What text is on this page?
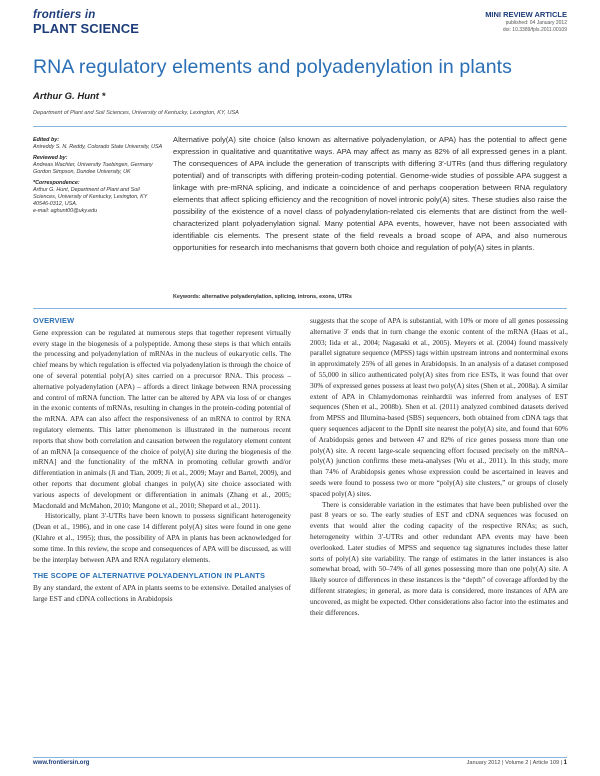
frontiers in
PLANT SCIENCE
MINI REVIEW ARTICLE
published: 04 January 2012
doi: 10.3389/fpls.2011.00109
RNA regulatory elements and polyadenylation in plants
Arthur G. Hunt *
Department of Plant and Soil Sciences, University of Kentucky, Lexington, KY, USA
Edited by:
Anireddy S. N. Reddy, Colorado State University, USA
Reviewed by:
Andreas Wachter, University Tuebingen, Germany
Gordon Simpson, Dundee University, UK
*Correspondence:
Arthur G. Hunt, Department of Plant and Soil Sciences, University of Kentucky, Lexington, KY 40546-0312, USA.
e-mail: aghunt00@uky.edu
Alternative poly(A) site choice (also known as alternative polyadenylation, or APA) has the potential to affect gene expression in qualitative and quantitative ways. APA may affect as many as 82% of all expressed genes in a plant. The consequences of APA include the generation of transcripts with differing 3′-UTRs (and thus differing regulatory potential) and of transcripts with differing protein-coding potential. Genome-wide studies of possible APA suggest a linkage with pre-mRNA splicing, and indicate a coincidence of and perhaps cooperation between RNA regulatory elements that affect splicing efficiency and the recognition of novel intronic poly(A) sites. These studies also raise the possibility of the existence of a novel class of polyadenylation-related cis elements that are distinct from the well-characterized plant polyadenylation signal. Many potential APA events, however, have not been associated with identifiable cis elements. The present state of the field reveals a broad scope of APA, and also numerous opportunities for research into mechanisms that govern both choice and regulation of poly(A) sites in plants.
Keywords: alternative polyadenylation, splicing, introns, exons, UTRs
OVERVIEW

Gene expression can be regulated at numerous steps that together represent virtually every stage in the biogenesis of a polypeptide. Among these steps is that which entails the processing and polyadenylation of mRNAs in the nucleus of eukaryotic cells. The chief means by which regulation is effected via polyadenylation is through the choice of one of several potential poly(A) sites carried on a precursor RNA. This process – alternative polyadenylation (APA) – affords a direct linkage between RNA processing and control of mRNA function. The latter can be altered by APA via loss of or changes in the exonic contents of mRNAs, resulting in changes in the protein-coding potential of the mRNA. APA can also affect the responsiveness of an mRNA to control by RNA regulatory elements. This latter phenomenon is illustrated in the numerous recent reports that show both correlation and causation between the regulatory element content of an mRNA [a consequence of the choice of poly(A) site during the biogenesis of the mRNA] and the functionality of the mRNA in promoting cellular growth and/or differentiation in animals (Ji and Tian, 2009; Ji et al., 2009; Mayr and Bartel, 2009), and other reports that document global changes in poly(A) site choice associated with various aspects of development or differentiation in animals (Zhang et al., 2005; Macdonald and McMahon, 2010; Mangone et al., 2010; Shepard et al., 2011).

Historically, plant 3′-UTRs have been known to possess significant heterogeneity (Dean et al., 1986), and in one case 14 different poly(A) sites were found in one gene (Klahre et al., 1995); thus, the possibility of APA in plants has been acknowledged for some time. In this review, the scope and consequences of APA will be discussed, as will be the interplay between APA and RNA regulatory elements.

THE SCOPE OF ALTERNATIVE POLYADENYLATION IN PLANTS

By any standard, the extent of APA in plants seems to be extensive. Detailed analyses of large EST and cDNA collections in Arabidopsis

suggests that the scope of APA is substantial, with 10% or more of all genes possessing alternative 3′ ends that in turn change the exonic content of the mRNA (Haas et al., 2003; Iida et al., 2004; Nagasaki et al., 2005). Meyers et al. (2004) found massively parallel signature sequence (MPSS) tags within upstream introns and nonterminal exons in approximately 25% of all genes in Arabidopsis. In an analysis of a dataset composed of 55,000 in silico authenticated poly(A) sites from rice ESTs, it was found that over 30% of expressed genes possess at least two poly(A) sites (Shen et al., 2008a). A similar extent of APA in Chlamydomonas reinhardtii was inferred from analyses of EST sequences (Shen et al., 2008b). Shen et al. (2011) analyzed combined datasets derived from MPSS and Illumina-based (SBS) sequencers, both obtained from cDNA tags that query sequences adjacent to the DpnII site nearest the poly(A) site, and found that 60% of Arabidopsis genes and between 47 and 82% of rice genes possess more than one poly(A) site. A recent large-scale sequencing effort focused precisely on the mRNA–poly(A) junction confirms these meta-analyses (Wu et al., 2011). In this study, more than 74% of Arabidopsis genes whose expression could be ascertained in leaves and seeds were found to possess two or more “poly(A) site clusters,” or groups of closely spaced poly(A) sites.

There is considerable variation in the estimates that have been published over the past 8 years or so. The early studies of EST and cDNA sequences was focused on events that would alter the coding capacity of the respective RNAs; as such, heterogeneity within 3′-UTRs and other redundant APA events may have been overlooked. Later studies of MPSS and sequence tag signatures includes these latter sorts of poly(A) site variability. The range of estimates in the latter instances is also somewhat broad, with 50–74% of all genes possessing more than one poly(A) site. A likely source of differences in these instances is the “depth” of coverage afforded by the different strategies; in general, as more data is considered, more instances of APA are uncovered, as might be expected. Other considerations also factor into the estimates and their differences.

www.frontiersin.org	January 2012 | Volume 2 | Article 109 | 1
